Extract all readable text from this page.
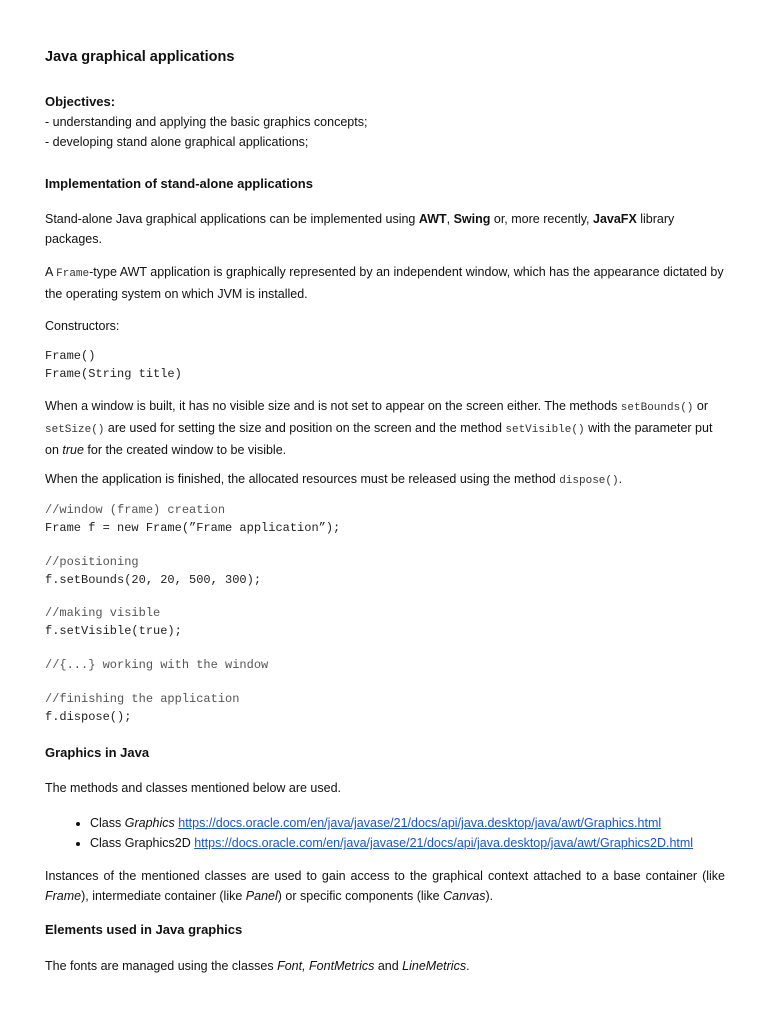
Java graphical applications
Objectives:
- understanding and applying the basic graphics concepts;
- developing stand alone graphical applications;
Implementation of stand-alone applications
Stand-alone Java graphical applications can be implemented using AWT, Swing or, more recently, JavaFX library packages.
A Frame-type AWT application is graphically represented by an independent window, which has the appearance dictated by the operating system on which JVM is installed.
Constructors:
Frame()
Frame(String title)
When a window is built, it has no visible size and is not set to appear on the screen either. The methods setBounds() or setSize() are used for setting the size and position on the screen and the method setVisible() with the parameter put on true for the created window to be visible.
When the application is finished, the allocated resources must be released using the method dispose().
//window (frame) creation
Frame f = new Frame(”Frame application”);
//positioning
f.setBounds(20, 20, 500, 300);
//making visible
f.setVisible(true);
//{...} working with the window
//finishing the application
f.dispose();
Graphics in Java
The methods and classes mentioned below are used.
• Class Graphics https://docs.oracle.com/en/java/javase/21/docs/api/java.desktop/java/awt/Graphics.html
• Class Graphics2D https://docs.oracle.com/en/java/javase/21/docs/api/java.desktop/java/awt/Graphics2D.html
Instances of the mentioned classes are used to gain access to the graphical context attached to a base container (like Frame), intermediate container (like Panel) or specific components (like Canvas).
Elements used in Java graphics
The fonts are managed using the classes Font, FontMetrics and LineMetrics.
